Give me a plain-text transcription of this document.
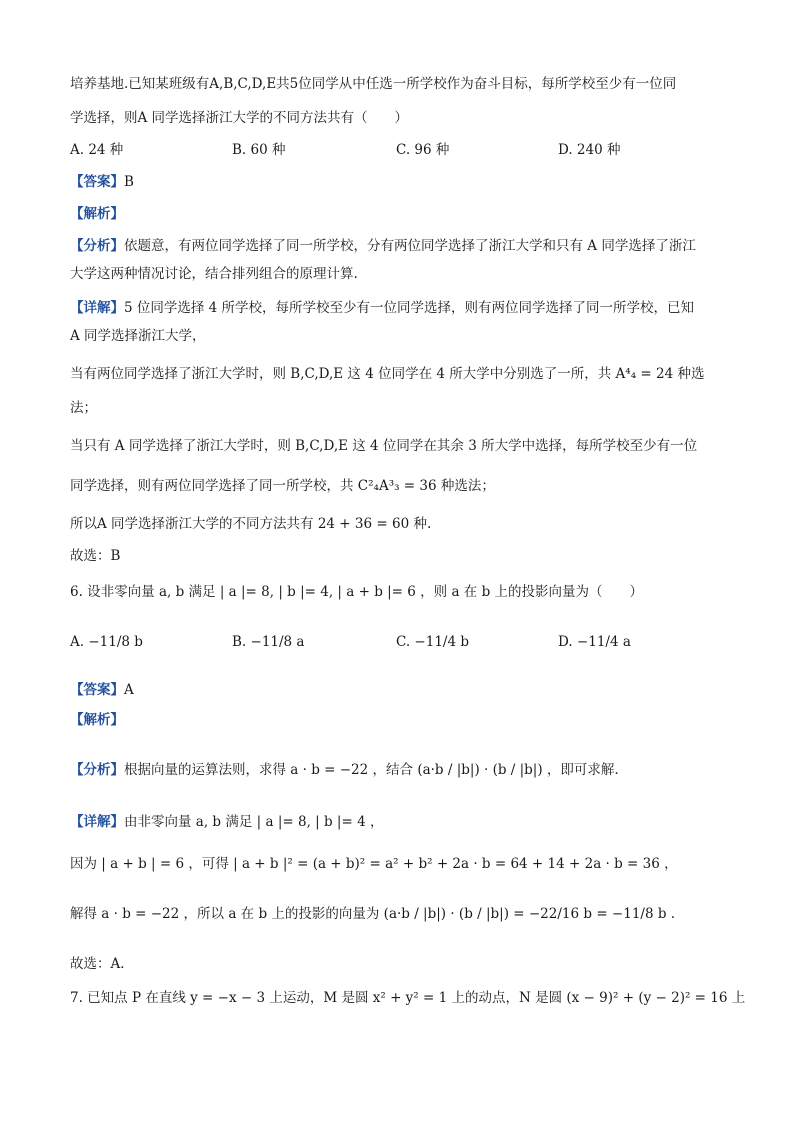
培养基地.已知某班级有A,B,C,D,E共5位同学从中任选一所学校作为奋斗目标，每所学校至少有一位同
学选择，则A 同学选择浙江大学的不同方法共有（　　）
A. 24 种	B. 60 种	C. 96 种	D. 240 种
【答案】B
【解析】
【分析】依题意，有两位同学选择了同一所学校，分有两位同学选择了浙江大学和只有 A 同学选择了浙江
大学这两种情况讨论，结合排列组合的原理计算.
【详解】5 位同学选择 4 所学校，每所学校至少有一位同学选择，则有两位同学选择了同一所学校，已知
A 同学选择浙江大学，
当有两位同学选择了浙江大学时，则 B,C,D,E 这 4 位同学在 4 所大学中分别选了一所，共 A⁴₄ = 24 种选
法；
当只有 A 同学选择了浙江大学时，则 B,C,D,E 这 4 位同学在其余 3 所大学中选择，每所学校至少有一位
同学选择，则有两位同学选择了同一所学校，共 C²₄A³₃ = 36 种选法；
所以A 同学选择浙江大学的不同方法共有 24 + 36 = 60 种.
故选：B
6. 设非零向量 a, b 满足 | a |= 8, | b |= 4, | a + b |= 6 ，则 a 在 b 上的投影向量为（　　）
A. −11/8 b	B. −11/8 a	C. −11/4 b	D. −11/4 a
【答案】A
【解析】
【分析】根据向量的运算法则，求得 a · b = −22 ，结合 (a·b / |b|) · (b / |b|) ，即可求解.
【详解】由非零向量 a, b 满足 | a |= 8, | b |= 4 ，
因为 | a + b | = 6 ，可得 | a + b |² = (a + b)² = a² + b² + 2a · b = 64 + 14 + 2a · b = 36 ，
解得 a · b = −22 ，所以 a 在 b 上的投影的向量为 (a·b / |b|) · (b / |b|) = −22/16 b = −11/8 b .
故选：A.
7. 已知点 P 在直线 y = −x − 3 上运动，M 是圆 x² + y² = 1 上的动点，N 是圆 (x − 9)² + (y − 2)² = 16 上
